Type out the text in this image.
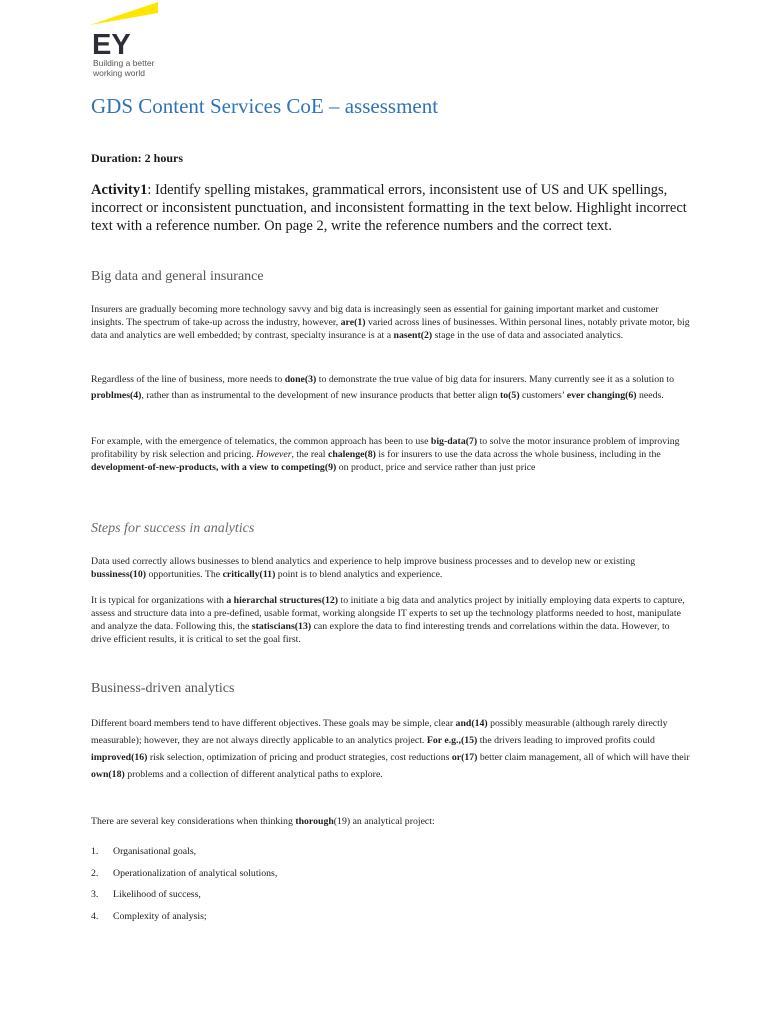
EY
Building a better
working world
GDS Content Services CoE – assessment
Duration: 2 hours
Activity1: Identify spelling mistakes, grammatical errors, inconsistent use of US and UK spellings, incorrect or inconsistent punctuation, and inconsistent formatting in the text below. Highlight incorrect text with a reference number. On page 2, write the reference numbers and the correct text.
Big data and general insurance
Insurers are gradually becoming more technology savvy and big data is increasingly seen as essential for gaining important market and customer insights. The spectrum of take-up across the industry, however, are(1) varied across lines of businesses. Within personal lines, notably private motor, big data and analytics are well embedded; by contrast, specialty insurance is at a nasent(2) stage in the use of data and associated analytics.
Regardless of the line of business, more needs to done(3) to demonstrate the true value of big data for insurers. Many currently see it as a solution to problmes(4), rather than as instrumental to the development of new insurance products that better align to(5) customers’ ever changing(6) needs.
For example, with the emergence of telematics, the common approach has been to use big-data(7) to solve the motor insurance problem of improving profitability by risk selection and pricing. However, the real chalenge(8) is for insurers to use the data across the whole business, including in the development-of-new-products, with a view to competing(9) on product, price and service rather than just price
Steps for success in analytics
Data used correctly allows businesses to blend analytics and experience to help improve business processes and to develop new or existing bussiness(10) opportunities. The critically(11) point is to blend analytics and experience.
It is typical for organizations with a hierarchal structures(12) to initiate a big data and analytics project by initially employing data experts to capture, assess and structure data into a pre-defined, usable format, working alongside IT experts to set up the technology platforms needed to host, manipulate and analyze the data. Following this, the statiscians(13) can explore the data to find interesting trends and correlations within the data. However, to drive efficient results, it is critical to set the goal first.
Business-driven analytics
Different board members tend to have different objectives. These goals may be simple, clear and(14) possibly measurable (although rarely directly measurable); however, they are not always directly applicable to an analytics project. For e.g.,(15) the drivers leading to improved profits could improved(16) risk selection, optimization of pricing and product strategies, cost reductions or(17) better claim management, all of which will have their own(18) problems and a collection of different analytical paths to explore.
There are several key considerations when thinking thorough(19) an analytical project:
1.	Organisational goals,
2.	Operationalization of analytical solutions,
3.	Likelihood of success,
4.	Complexity of analysis;
